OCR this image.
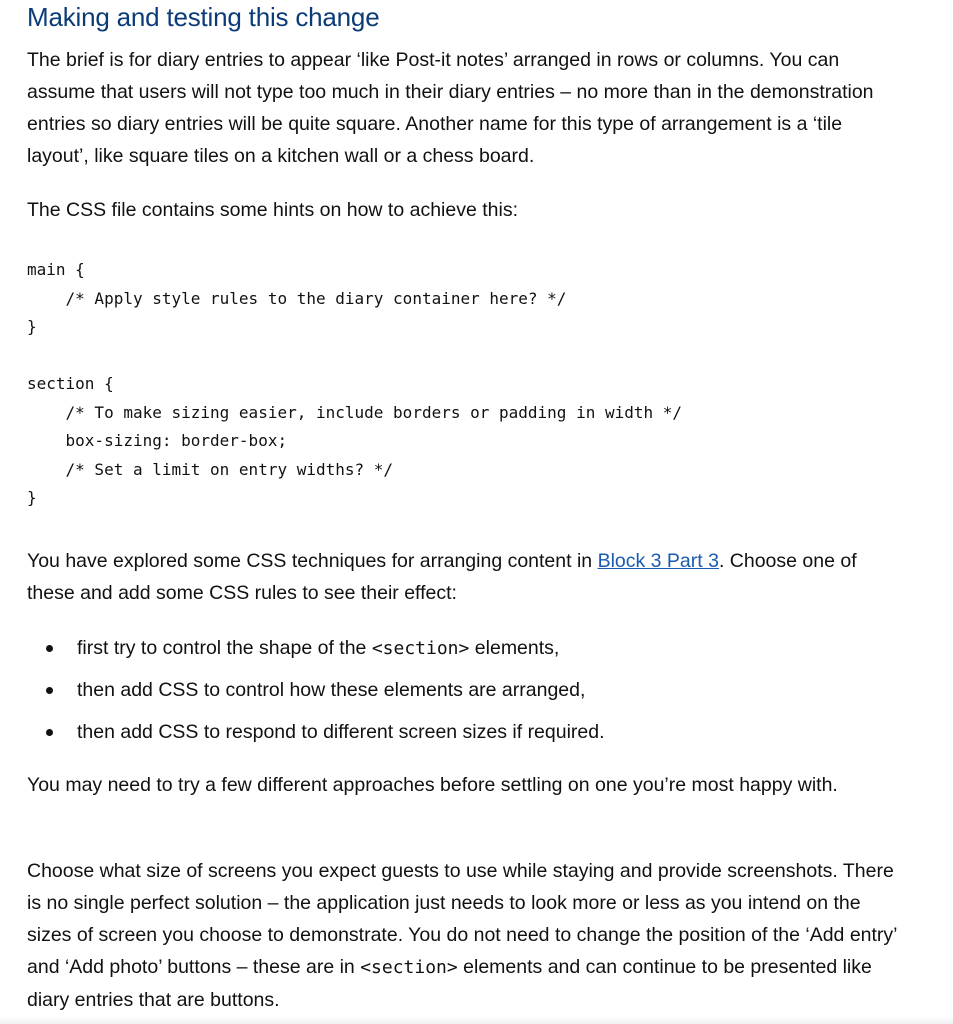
Making and testing this change

The brief is for diary entries to appear ‘like Post-it notes’ arranged in rows or columns. You can assume that users will not type too much in their diary entries – no more than in the demonstration entries so diary entries will be quite square. Another name for this type of arrangement is a ‘tile layout’, like square tiles on a kitchen wall or a chess board.

The CSS file contains some hints on how to achieve this:

main {
/* Apply style rules to the diary container here? */
}
section {
/* To make sizing easier, include borders or padding in width */
box-sizing: border-box;
/* Set a limit on entry widths? */
}

You have explored some CSS techniques for arranging content in Block 3 Part 3. Choose one of these and add some CSS rules to see their effect:

first try to control the shape of the <section> elements,
then add CSS to control how these elements are arranged,
then add CSS to respond to different screen sizes if required.

You may need to try a few different approaches before settling on one you’re most happy with.

Choose what size of screens you expect guests to use while staying and provide screenshots. There is no single perfect solution – the application just needs to look more or less as you intend on the sizes of screen you choose to demonstrate. You do not need to change the position of the ‘Add entry’ and ‘Add photo’ buttons – these are in <section> elements and can continue to be presented like diary entries that are buttons.
